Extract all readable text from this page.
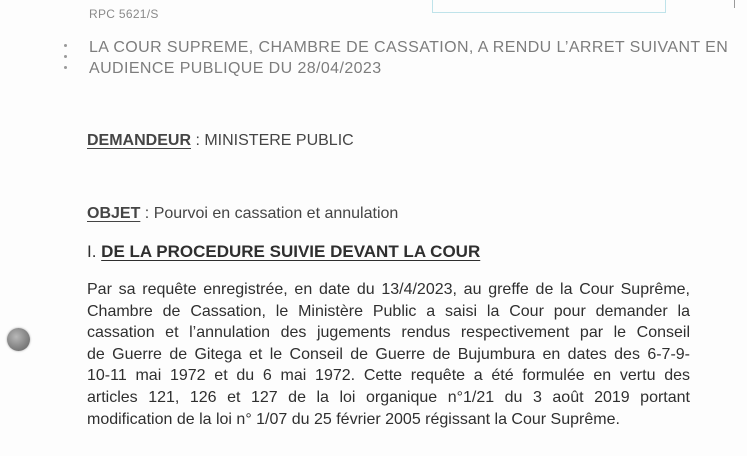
RPC 5621/S
LA COUR SUPREME, CHAMBRE DE CASSATION, A RENDU L’ARRET SUIVANT EN
AUDIENCE PUBLIQUE DU 28/04/2023
DEMANDEUR : MINISTERE PUBLIC
OBJET : Pourvoi en cassation et annulation
I. DE LA PROCEDURE SUIVIE DEVANT LA COUR
Par sa requête enregistrée, en date du 13/4/2023, au greffe de la Cour Suprême,
Chambre de Cassation, le Ministère Public a saisi la Cour pour demander la
cassation et l’annulation des jugements rendus respectivement par le Conseil
de Guerre de Gitega et le Conseil de Guerre de Bujumbura en dates des 6-7-9-
10-11 mai 1972 et du 6 mai 1972. Cette requête a été formulée en vertu des
articles 121, 126 et 127 de la loi organique n°1/21 du 3 août 2019 portant
modification de la loi n° 1/07 du 25 février 2005 régissant la Cour Suprême.
